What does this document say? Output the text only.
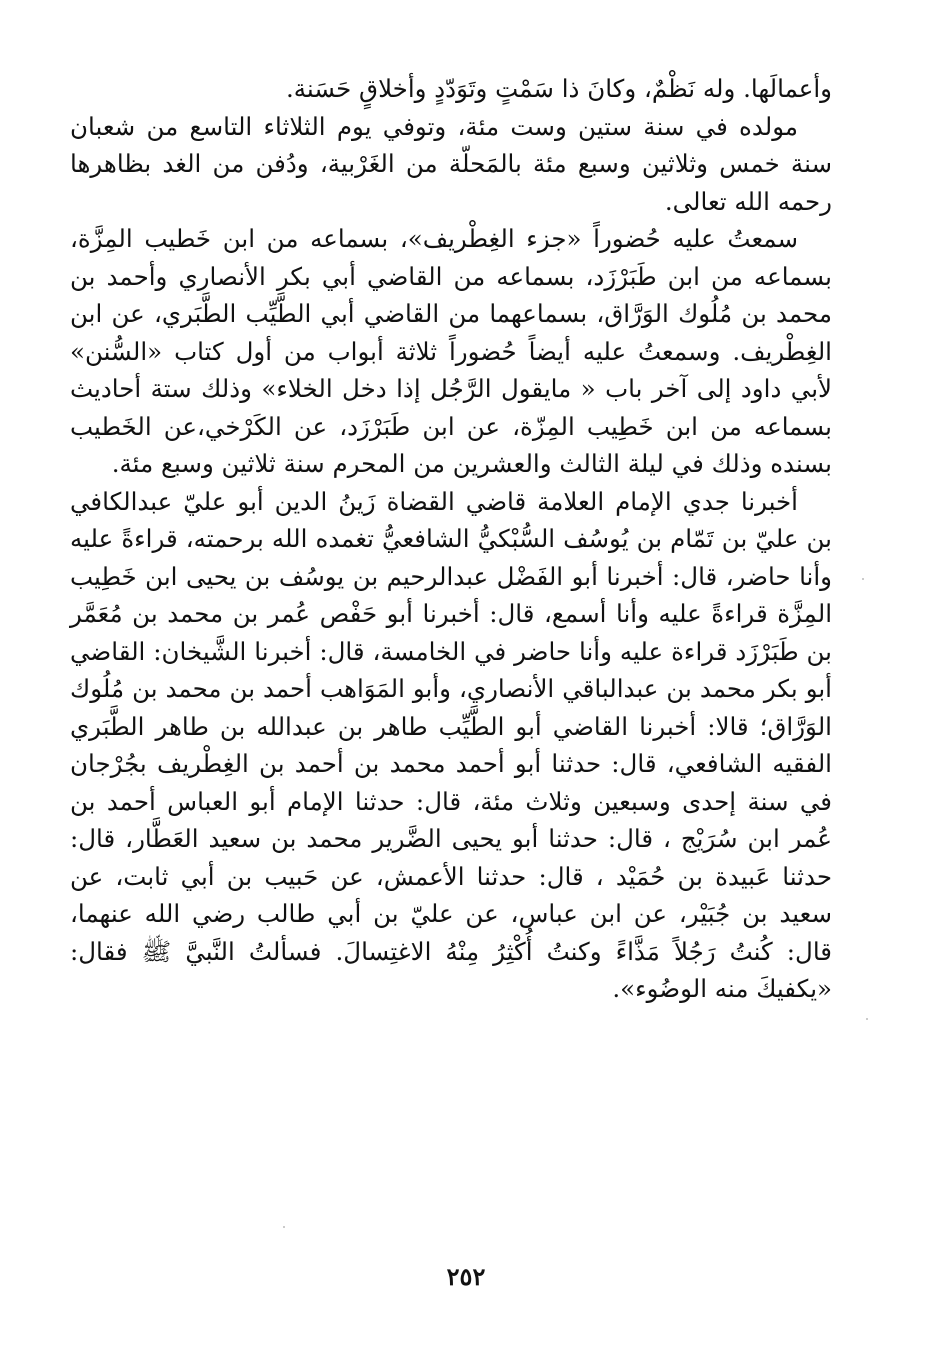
وأعمالَها. وله نَظْمٌ، وكانَ ذا سَمْتٍ وتَوَدّدٍ وأخلاقٍ حَسَنة.

مولده في سنة ستين وست مئة، وتوفي يوم الثلاثاء التاسع من شعبان سنة خمس وثلاثين وسبع مئة بالمَحلّة من الغَرْبية، ودُفن من الغد بظاهرها رحمه الله تعالى.

سمعتُ عليه حُضوراً «جزء الغِطْريف»، بسماعه من ابن خَطيب المِزَّة، بسماعه من ابن طَبَرْزَد، بسماعه من القاضي أبي بكر الأنصاري وأحمد بن محمد بن مُلُوك الوَرَّاق، بسماعهما من القاضي أبي الطَّيِّب الطَّبَري، عن ابن الغِطْريف. وسمعتُ عليه أيضاً حُضوراً ثلاثة أبواب من أول كتاب «السُّنن» لأبي داود إلى آخر باب « مايقول الرَّجُل إذا دخل الخلاء» وذلك ستة أحاديث بسماعه من ابن خَطِيب المِزّة، عن ابن طَبَرْزَد، عن الكَرْخي،عن الخَطيب بسنده وذلك في ليلة الثالث والعشرين من المحرم سنة ثلاثين وسبع مئة.

أخبرنا جدي الإمام العلامة قاضي القضاة زَينُ الدين أبو عليّ عبدالكافي بن عليّ بن تَمّام بن يُوسُف السُّبْكيُّ الشافعيُّ تغمده الله برحمته، قراءةً عليه وأنا حاضر، قال: أخبرنا أبو الفَضْل عبدالرحيم بن يوسُف بن يحيى ابن خَطِيب المِزَّة قراءةً عليه وأنا أسمع، قال: أخبرنا أبو حَفْص عُمر بن محمد بن مُعَمَّر بن طَبَرْزَد قراءة عليه وأنا حاضر في الخامسة، قال: أخبرنا الشَّيخان: القاضي أبو بكر محمد بن عبدالباقي الأنصاري، وأبو المَوَاهب أحمد بن محمد بن مُلُوك الوَرَّاق؛ قالا: أخبرنا القاضي أبو الطَّيِّب طاهر بن عبدالله بن طاهر الطَّبَري الفقيه الشافعي، قال: حدثنا أبو أحمد محمد بن أحمد بن الغِطْريف بجُرْجان في سنة إحدى وسبعين وثلاث مئة، قال: حدثنا الإمام أبو العباس أحمد بن عُمر ابن سُرَيْج ، قال: حدثنا أبو يحيى الضَّرير محمد بن سعيد العَطَّار، قال: حدثنا عَبيدة بن حُمَيْد ، قال: حدثنا الأعمش، عن حَبيب بن أبي ثابت، عن سعيد بن جُبَيْر، عن ابن عباس، عن عليّ بن أبي طالب رضي الله عنهما، قال: كُنتُ رَجُلاً مَذَّاءً وكنتُ أُكْثِرُ مِنْهُ الاغتِسالَ. فسألتُ النَّبيَّ ﷺ فقال: «يكفيكَ منه الوضُوء».

٢٥٢
